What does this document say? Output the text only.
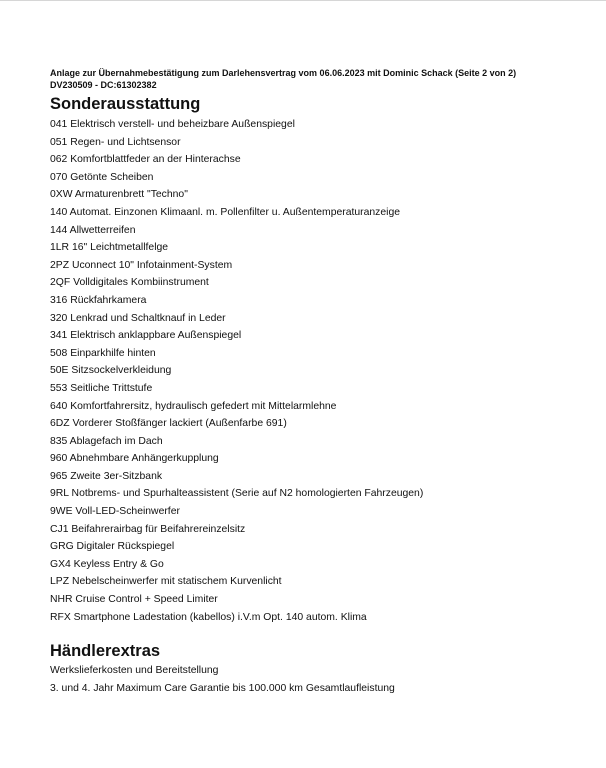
Anlage zur Übernahmebestätigung zum Darlehensvertrag vom 06.06.2023 mit Dominic Schack (Seite 2 von 2)
DV230509 - DC:61302382
Sonderausstattung
041 Elektrisch verstell- und beheizbare Außenspiegel
051 Regen- und Lichtsensor
062 Komfortblattfeder an der Hinterachse
070 Getönte Scheiben
0XW Armaturenbrett "Techno"
140 Automat. Einzonen Klimaanl. m. Pollenfilter u. Außentemperaturanzeige
144 Allwetterreifen
1LR 16" Leichtmetallfelge
2PZ Uconnect 10" Infotainment-System
2QF Volldigitales Kombiinstrument
316 Rückfahrkamera
320 Lenkrad und Schaltknauf in Leder
341 Elektrisch anklappbare Außenspiegel
508 Einparkhilfe hinten
50E Sitzsockelverkleidung
553 Seitliche Trittstufe
640 Komfortfahrersitz, hydraulisch gefedert mit Mittelarmlehne
6DZ Vorderer Stoßfänger lackiert (Außenfarbe 691)
835 Ablagefach im Dach
960 Abnehmbare Anhängerkupplung
965 Zweite 3er-Sitzbank
9RL Notbrems- und Spurhalteassistent (Serie auf N2 homologierten Fahrzeugen)
9WE Voll-LED-Scheinwerfer
CJ1 Beifahrerairbag für Beifahrereinzelsitz
GRG Digitaler Rückspiegel
GX4 Keyless Entry & Go
LPZ Nebelscheinwerfer mit statischem Kurvenlicht
NHR Cruise Control + Speed Limiter
RFX Smartphone Ladestation (kabellos) i.V.m Opt. 140 autom. Klima
Händlerextras
Werkslieferkosten und Bereitstellung
3. und 4. Jahr Maximum Care Garantie bis 100.000 km Gesamtlaufleistung
